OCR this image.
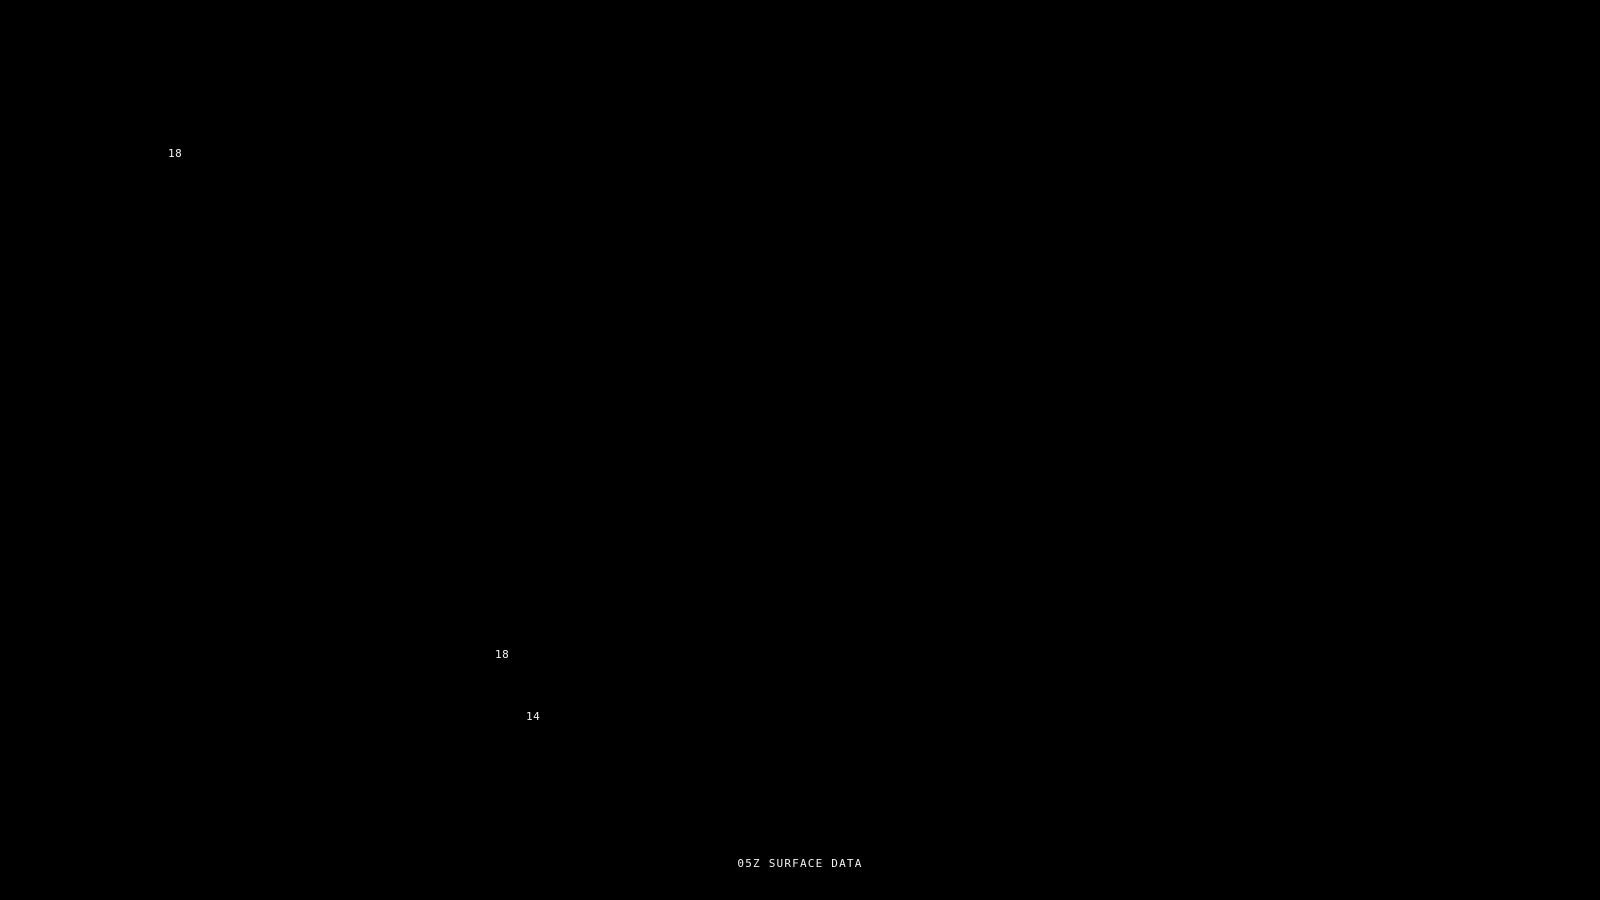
18
18
14
05Z SURFACE DATA
